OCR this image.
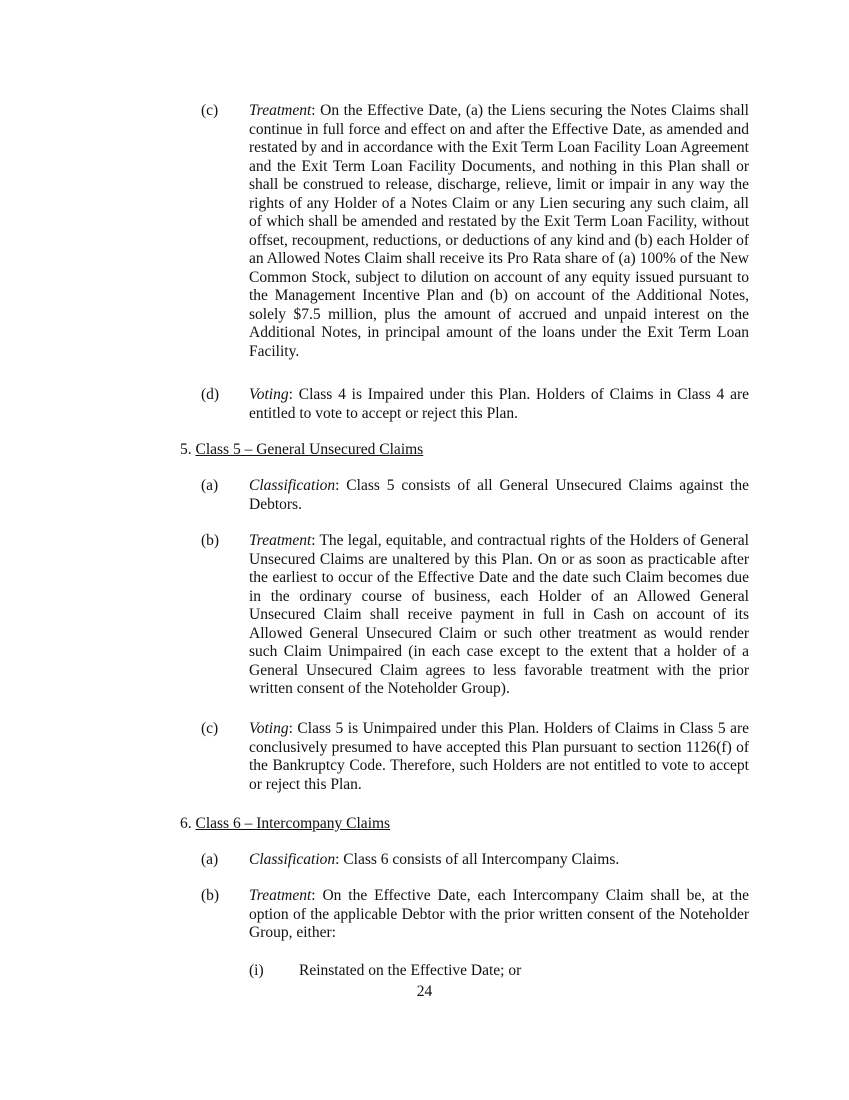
(c) Treatment: On the Effective Date, (a) the Liens securing the Notes Claims shall continue in full force and effect on and after the Effective Date, as amended and restated by and in accordance with the Exit Term Loan Facility Loan Agreement and the Exit Term Loan Facility Documents, and nothing in this Plan shall or shall be construed to release, discharge, relieve, limit or impair in any way the rights of any Holder of a Notes Claim or any Lien securing any such claim, all of which shall be amended and restated by the Exit Term Loan Facility, without offset, recoupment, reductions, or deductions of any kind and (b) each Holder of an Allowed Notes Claim shall receive its Pro Rata share of (a) 100% of the New Common Stock, subject to dilution on account of any equity issued pursuant to the Management Incentive Plan and (b) on account of the Additional Notes, solely $7.5 million, plus the amount of accrued and unpaid interest on the Additional Notes, in principal amount of the loans under the Exit Term Loan Facility.
(d) Voting: Class 4 is Impaired under this Plan. Holders of Claims in Class 4 are entitled to vote to accept or reject this Plan.
5. Class 5 – General Unsecured Claims
(a) Classification: Class 5 consists of all General Unsecured Claims against the Debtors.
(b) Treatment: The legal, equitable, and contractual rights of the Holders of General Unsecured Claims are unaltered by this Plan. On or as soon as practicable after the earliest to occur of the Effective Date and the date such Claim becomes due in the ordinary course of business, each Holder of an Allowed General Unsecured Claim shall receive payment in full in Cash on account of its Allowed General Unsecured Claim or such other treatment as would render such Claim Unimpaired (in each case except to the extent that a holder of a General Unsecured Claim agrees to less favorable treatment with the prior written consent of the Noteholder Group).
(c) Voting: Class 5 is Unimpaired under this Plan. Holders of Claims in Class 5 are conclusively presumed to have accepted this Plan pursuant to section 1126(f) of the Bankruptcy Code. Therefore, such Holders are not entitled to vote to accept or reject this Plan.
6. Class 6 – Intercompany Claims
(a) Classification: Class 6 consists of all Intercompany Claims.
(b) Treatment: On the Effective Date, each Intercompany Claim shall be, at the option of the applicable Debtor with the prior written consent of the Noteholder Group, either:
(i) Reinstated on the Effective Date; or
24
